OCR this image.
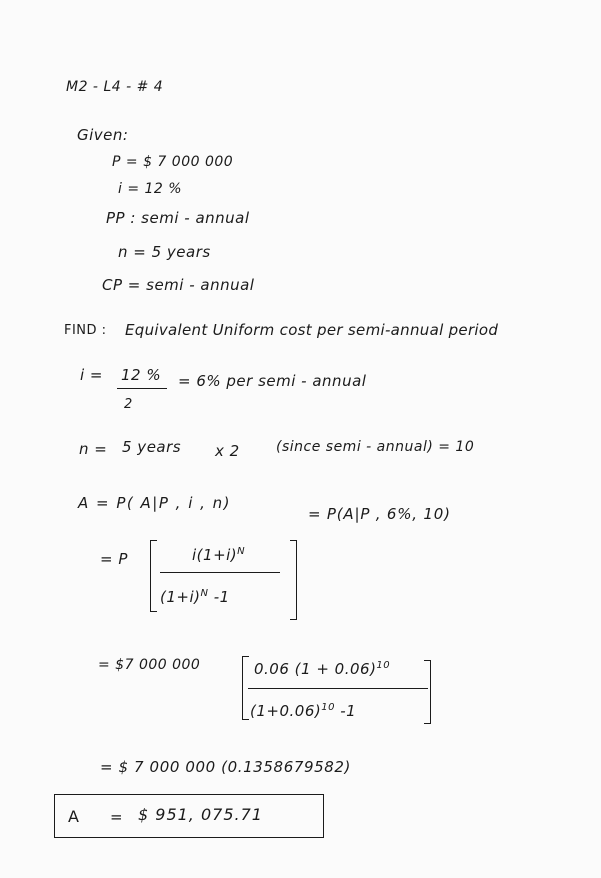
M2 - L4 - # 4
Given:
P = $ 7 000 000
i = 12 %
PP : semi - annual
n = 5 years
CP = semi - annual
FIND : Equivalent Uniform cost per semi-annual period
i = 12 %
2
= 6% per semi - annual
n = 5 years x 2	(since semi - annual) = 10
A = P( A|P , i , n)
= P(A|P , 6%, 10)
= P	$i(1+i)^N$
$(1+i)^N$ -1
= $7 000 000	0.06 $(1 + 0.06)^{10}$
$(1+0.06)^{10}$ -1
= $ 7 000 000 (0.1358679582)
A = $ 951, 075.71
